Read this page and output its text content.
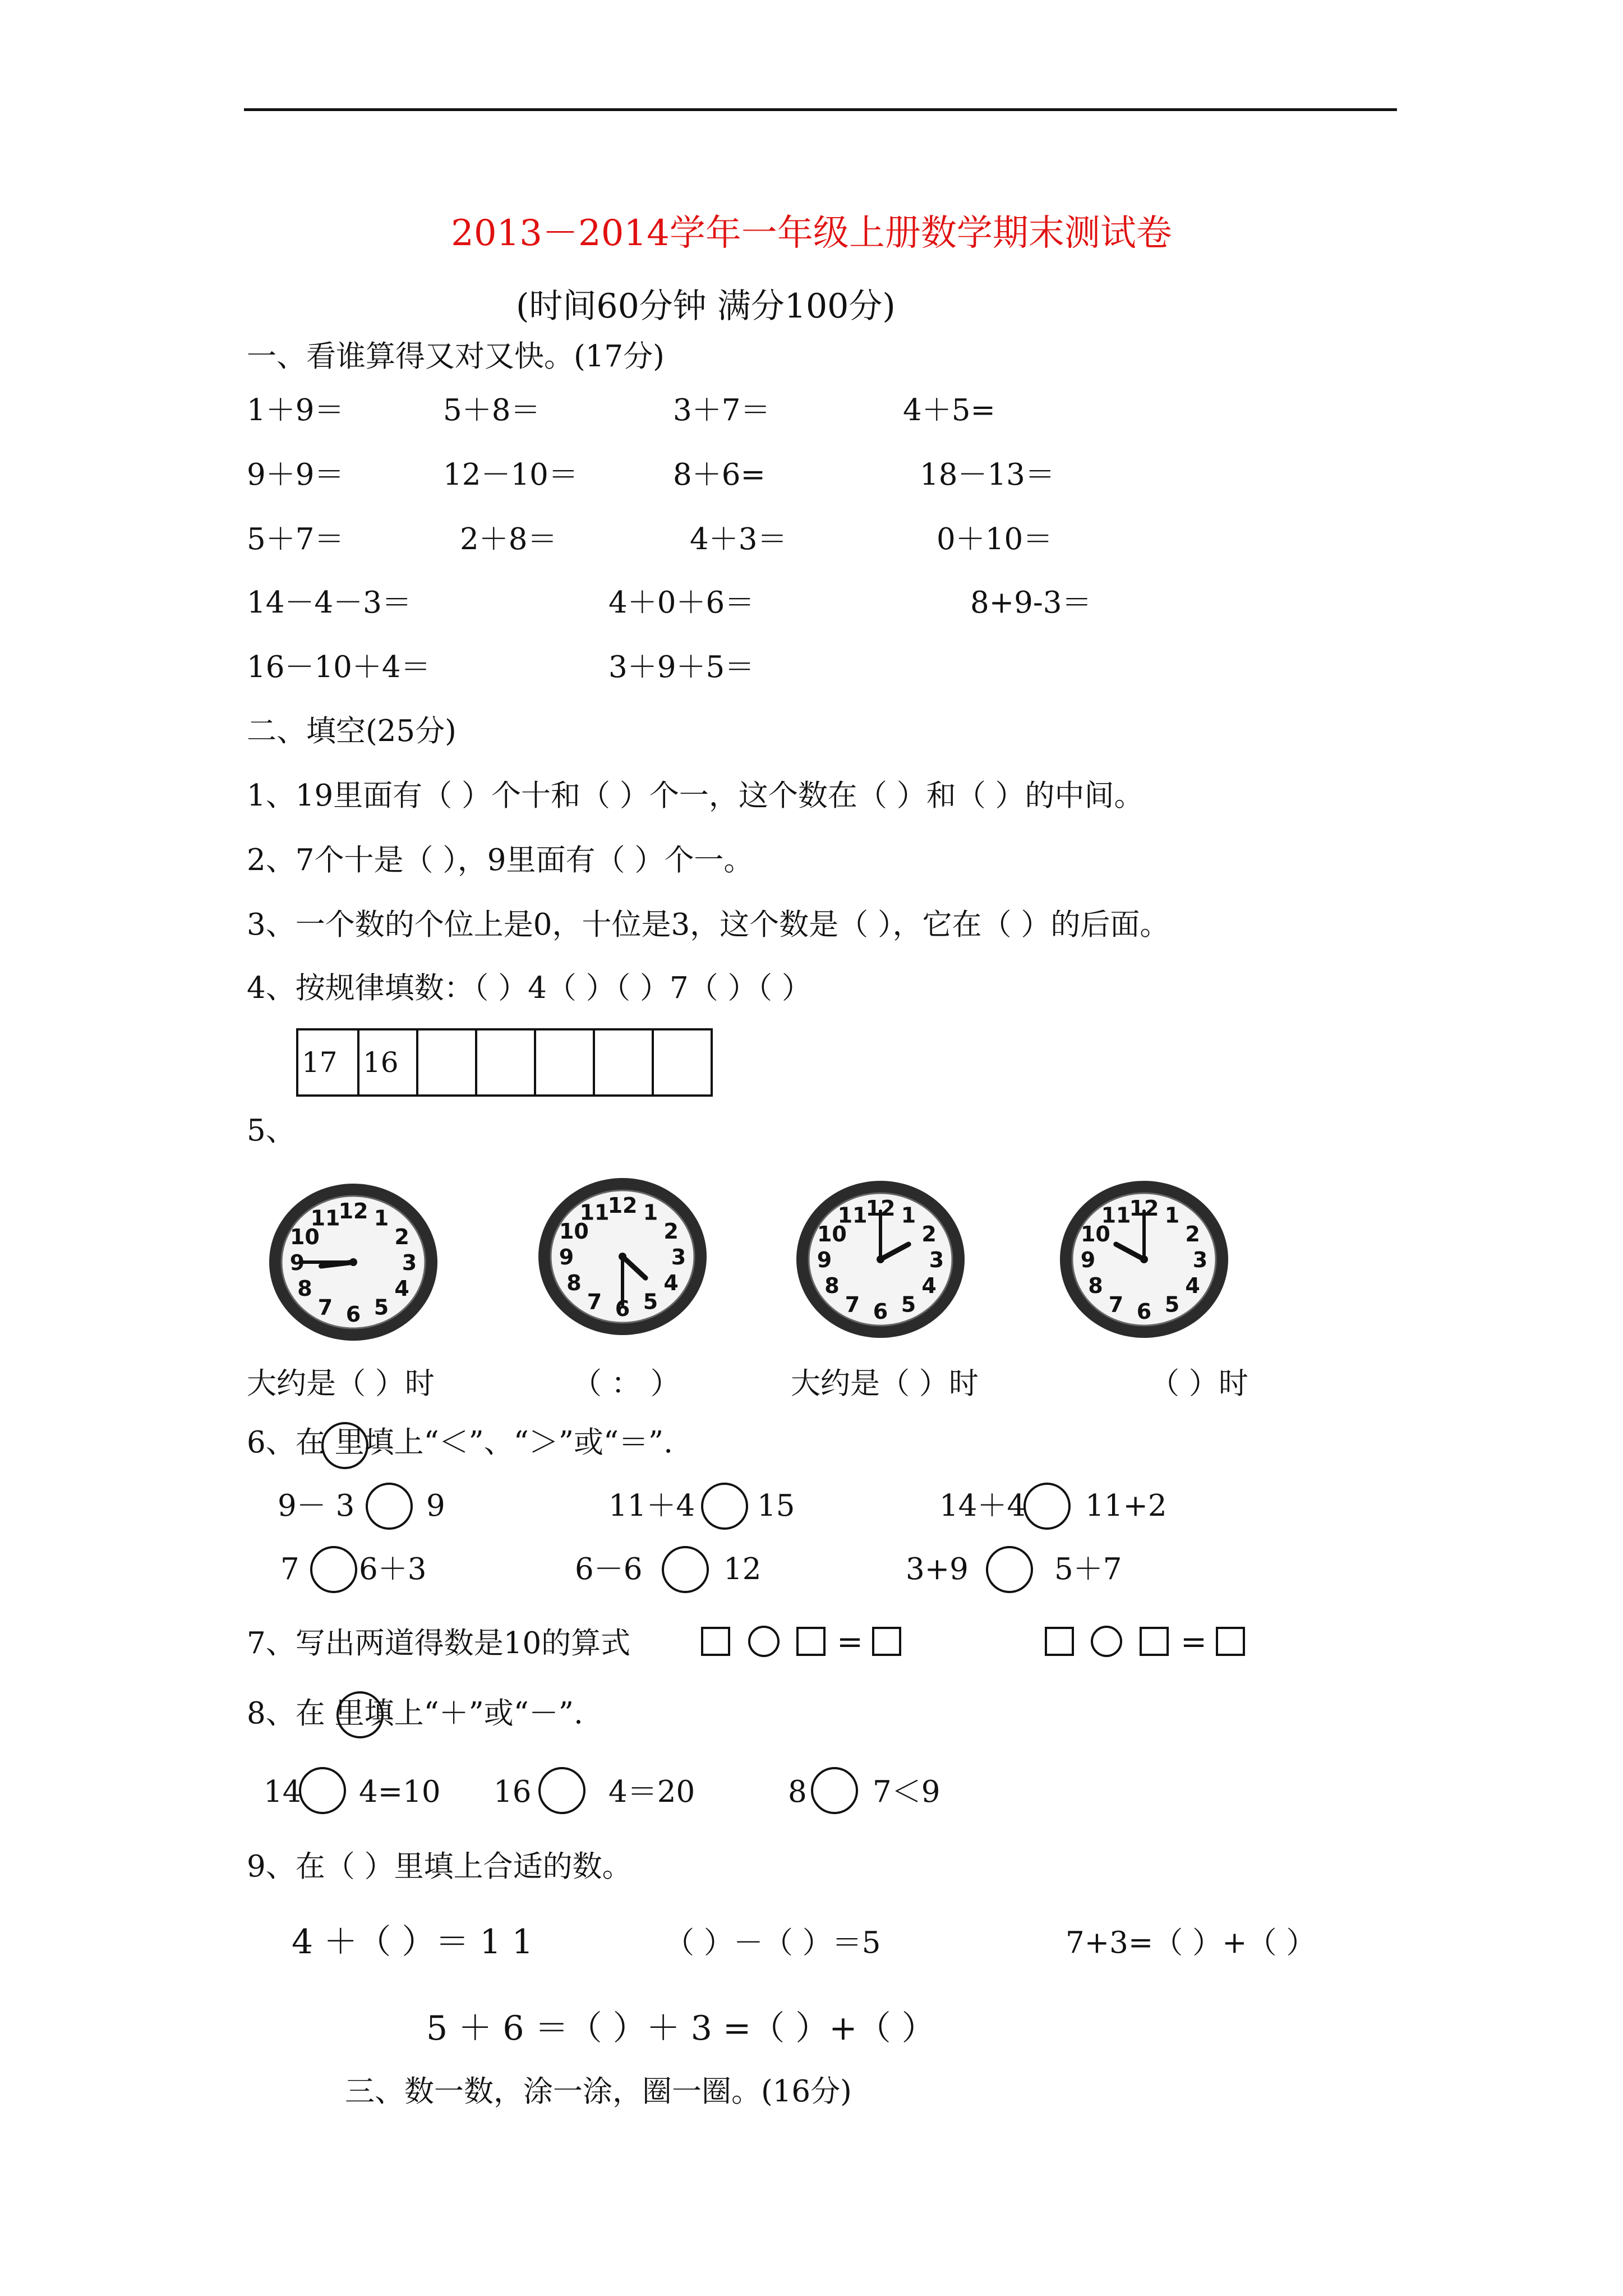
2013－2014学年一年级上册数学期末测试卷
(时间60分钟 满分100分)
一、看谁算得又对又快。(17分)
1＋9＝	5＋8＝	3＋7＝	4＋5=
9＋9＝	12－10＝	8＋6=	18－13＝
5＋7＝	2＋8＝	4＋3＝	0＋10＝
14－4－3＝	4＋0＋6＝	8+9-3＝
16－10＋4＝	3＋9＋5＝
二、填空(25分)
1、19里面有（ ）个十和（ ）个一，这个数在（ ）和（ ）的中间。
2、7个十是（ ），9里面有（ ）个一。
3、一个数的个位上是0，十位是3，这个数是（ ），它在（ ）的后面。
4、按规律填数：（ ）4（ ）（ ）7（ ）（ ）
17 16
5、
1
2
3
4
5
6
7
8
9
10
11
12	1
2
3
4
5
6
7
8
9
10
11
12	1
2
3
4
5
6
7
8
9
10
11
12	1
2
3
4
5
6
7
8
9
10
11
12
大约是（ ）时	（ ： ）	大约是（ ）时	（ ）时
6、在 里填上“＜”、“＞”或“＝”.
9－ 3 9	11＋4 15	14＋4 11+2
7 6＋3	6－6	12	3+9	5＋7
7、写出两道得数是10的算式	=	=
8、在 里填上“＋”或“－”.
14 4=10 16	4＝20	8 7＜9
9、在（ ）里填上合适的数。
4 ＋（ ）＝ 1 1	（ ）－（ ）＝5	7+3=（ ）+（ ）
5 ＋ 6 ＝（ ）＋ 3 =（ ）+（ ）
三、数一数，涂一涂，圈一圈。(16分)
